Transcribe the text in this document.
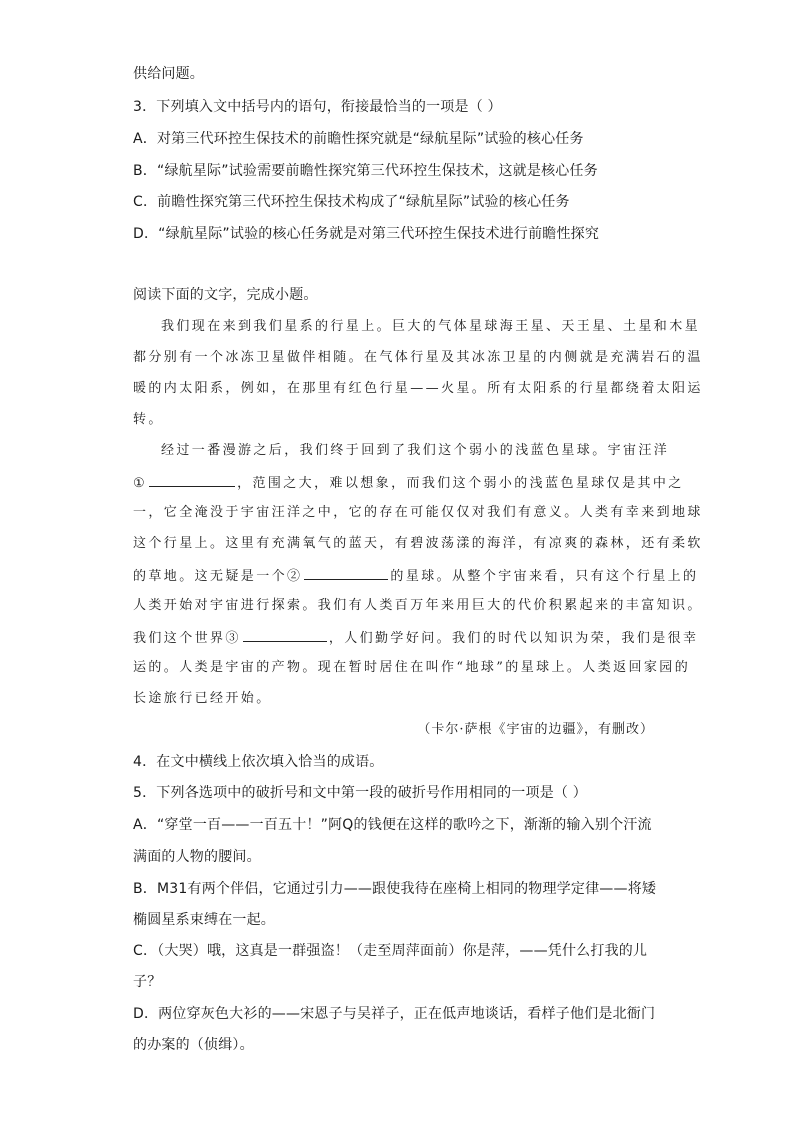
供给问题。
3．下列填入文中括号内的语句，衔接最恰当的一项是（ ）
A．对第三代环控生保技术的前瞻性探究就是“绿航星际”试验的核心任务
B．“绿航星际”试验需要前瞻性探究第三代环控生保技术，这就是核心任务
C．前瞻性探究第三代环控生保技术构成了“绿航星际”试验的核心任务
D．“绿航星际”试验的核心任务就是对第三代环控生保技术进行前瞻性探究
阅读下面的文字，完成小题。
我们现在来到我们星系的行星上。巨大的气体星球海王星、天王星、土星和木星
都分别有一个冰冻卫星做伴相随。在气体行星及其冰冻卫星的内侧就是充满岩石的温
暖的内太阳系，例如，在那里有红色行星——火星。所有太阳系的行星都绕着太阳运
转。
经过一番漫游之后，我们终于回到了我们这个弱小的浅蓝色星球。宇宙汪洋
①	，范围之大，难以想象，而我们这个弱小的浅蓝色星球仅是其中之
一，它全淹没于宇宙汪洋之中，它的存在可能仅仅对我们有意义。人类有幸来到地球
这个行星上。这里有充满氧气的蓝天，有碧波荡漾的海洋，有凉爽的森林，还有柔软
的草地。这无疑是一个②	的星球。从整个宇宙来看，只有这个行星上的
人类开始对宇宙进行探索。我们有人类百万年来用巨大的代价积累起来的丰富知识。
我们这个世界③	，人们勤学好问。我们的时代以知识为荣，我们是很幸
运的。人类是宇宙的产物。现在暂时居住在叫作“地球”的星球上。人类返回家园的
长途旅行已经开始。
（卡尔·萨根《宇宙的边疆》，有删改）
4．在文中横线上依次填入恰当的成语。
5．下列各选项中的破折号和文中第一段的破折号作用相同的一项是（ ）
A．“穿堂一百——一百五十！”阿Q的钱便在这样的歌吟之下，渐渐的输入别个汗流
满面的人物的腰间。
B．M31有两个伴侣，它通过引力——跟使我待在座椅上相同的物理学定律——将矮
椭圆星系束缚在一起。
C．（大哭）哦，这真是一群强盗！（走至周萍面前）你是萍，——凭什么打我的儿
子？
D．两位穿灰色大衫的——宋恩子与吴祥子，正在低声地谈话，看样子他们是北衙门
的办案的（侦缉）。
